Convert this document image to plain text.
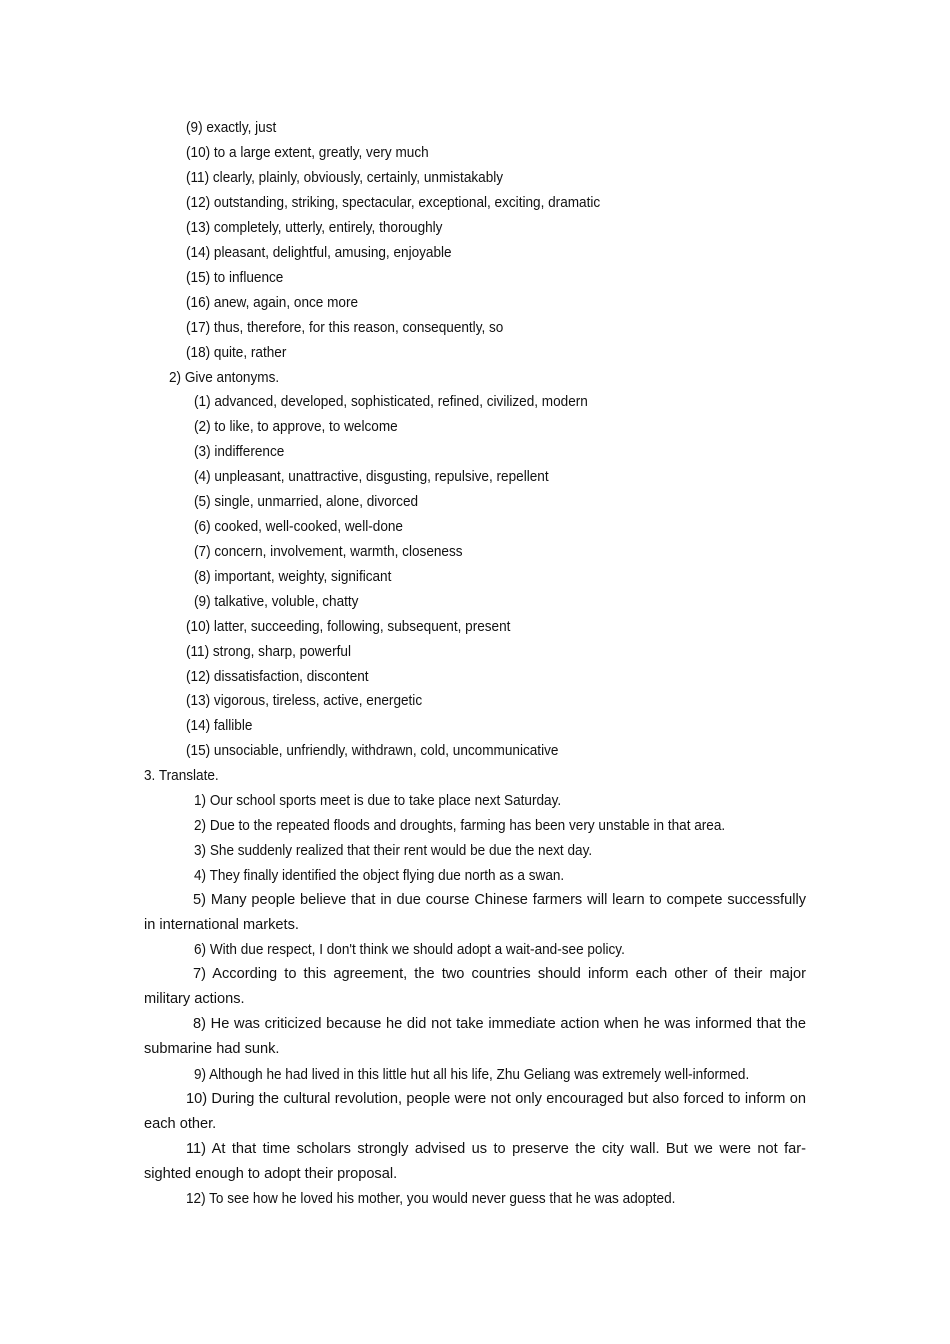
(9) exactly, just
(10) to a large extent, greatly, very much
(11) clearly, plainly, obviously, certainly, unmistakably
(12) outstanding, striking, spectacular, exceptional, exciting, dramatic
(13) completely, utterly, entirely, thoroughly
(14) pleasant, delightful, amusing, enjoyable
(15) to influence
(16) anew, again, once more
(17) thus, therefore, for this reason, consequently, so
(18) quite, rather
2) Give antonyms.
(1) advanced, developed, sophisticated, refined, civilized, modern
(2) to like, to approve, to welcome
(3) indifference
(4) unpleasant, unattractive, disgusting, repulsive, repellent
(5) single, unmarried, alone, divorced
(6) cooked, well-cooked, well-done
(7) concern, involvement, warmth, closeness
(8) important, weighty, significant
(9) talkative, voluble, chatty
(10) latter, succeeding, following, subsequent, present
(11) strong, sharp, powerful
(12) dissatisfaction, discontent
(13) vigorous, tireless, active, energetic
(14) fallible
(15) unsociable, unfriendly, withdrawn, cold, uncommunicative
3. Translate.
1) Our school sports meet is due to take place next Saturday.
2) Due to the repeated floods and droughts, farming has been very unstable in that area.
3) She suddenly realized that their rent would be due the next day.
4) They finally identified the object flying due north as a swan.
5) Many people believe that in due course Chinese farmers will learn to compete successfully in international markets.
6) With due respect, I don't think we should adopt a wait-and-see policy.
7) According to this agreement, the two countries should inform each other of their major military actions.
8) He was criticized because he did not take immediate action when he was informed that the submarine had sunk.
9) Although he had lived in this little hut all his life, Zhu Geliang was extremely well-informed.
10) During the cultural revolution, people were not only encouraged but also forced to inform on each other.
11) At that time scholars strongly advised us to preserve the city wall. But we were not far-sighted enough to adopt their proposal.
12) To see how he loved his mother, you would never guess that he was adopted.
